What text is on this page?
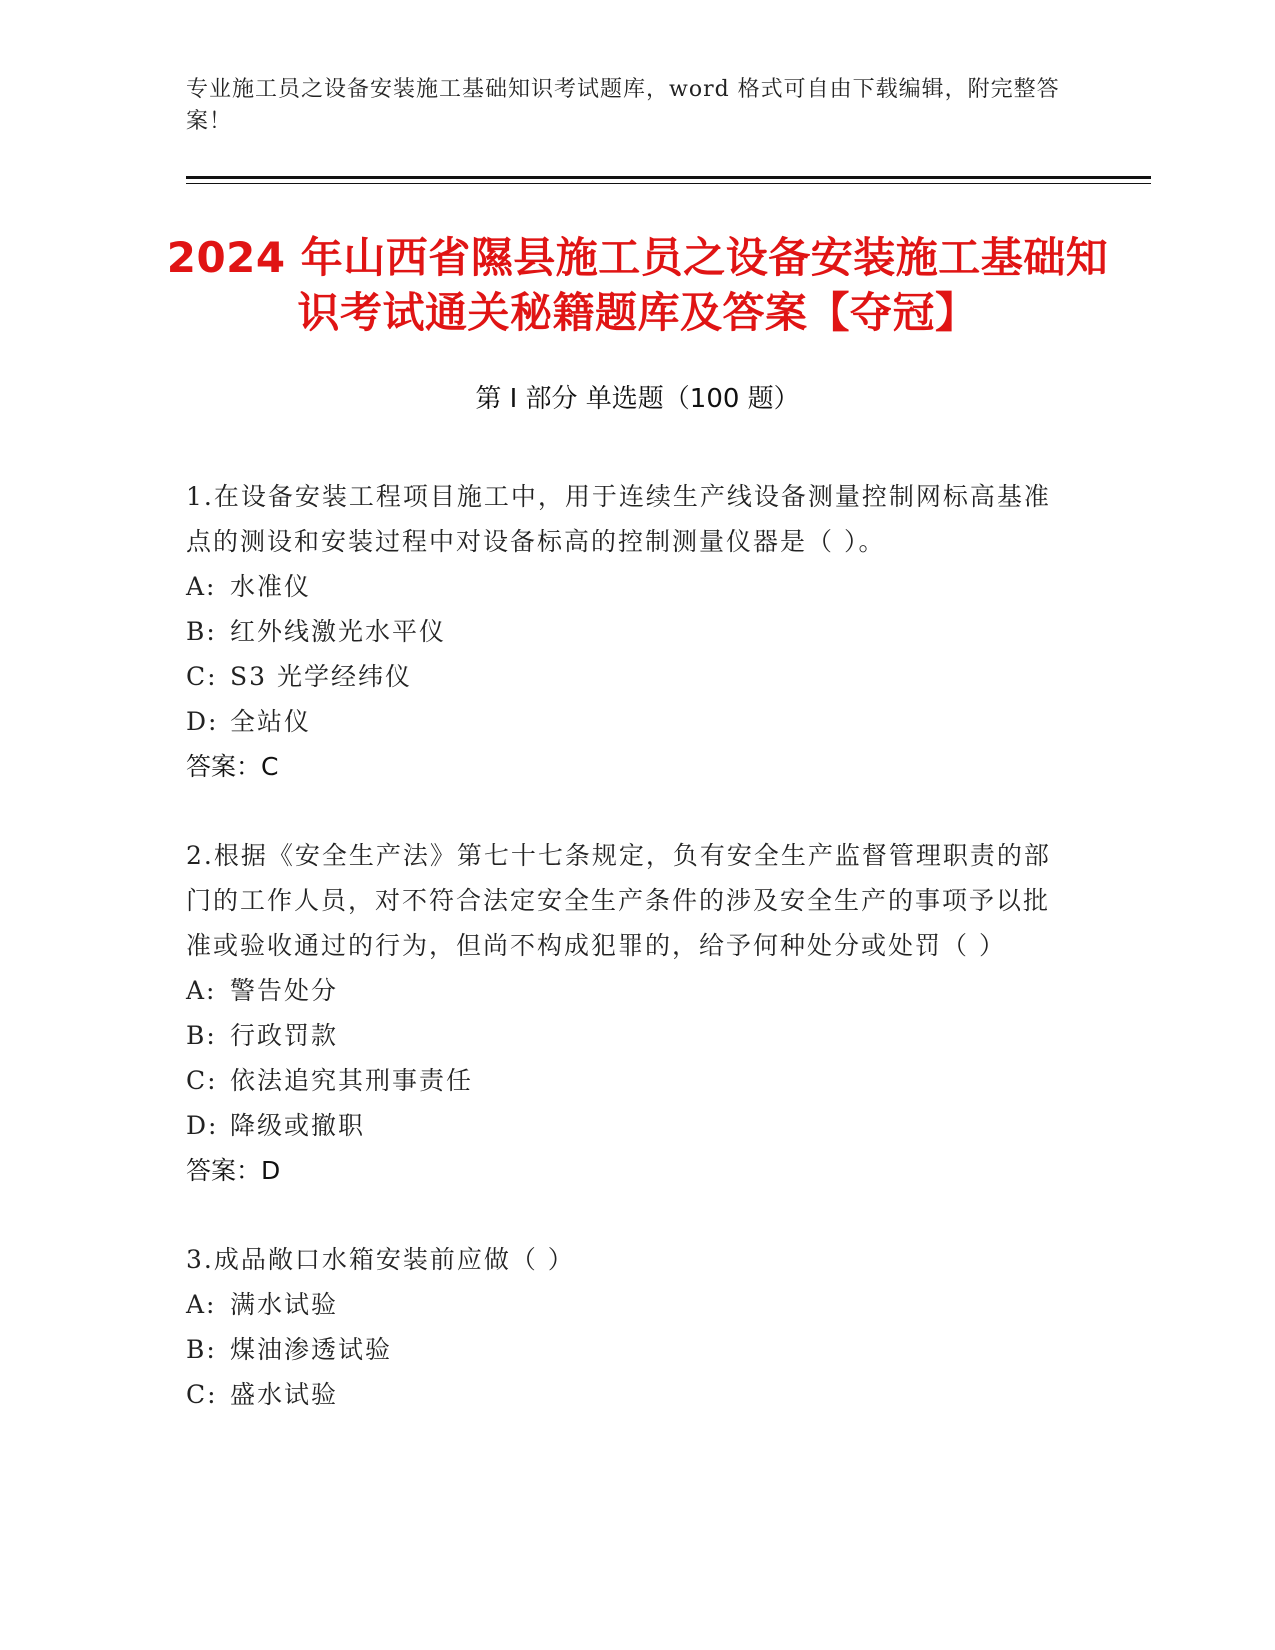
专业施工员之设备安装施工基础知识考试题库，word 格式可自由下载编辑，附完整答案！
2024 年山西省隰县施工员之设备安装施工基础知识考试通关秘籍题库及答案【夺冠】
第 I 部分 单选题（100 题）
1.在设备安装工程项目施工中，用于连续生产线设备测量控制网标高基准点的测设和安装过程中对设备标高的控制测量仪器是（ ）。
A: 水准仪
B: 红外线激光水平仪
C: S3 光学经纬仪
D: 全站仪
答案：C
2.根据《安全生产法》第七十七条规定，负有安全生产监督管理职责的部门的工作人员，对不符合法定安全生产条件的涉及安全生产的事项予以批准或验收通过的行为，但尚不构成犯罪的，给予何种处分或处罚（ ）
A: 警告处分
B: 行政罚款
C: 依法追究其刑事责任
D: 降级或撤职
答案：D
3.成品敞口水箱安装前应做（ ）
A: 满水试验
B: 煤油渗透试验
C: 盛水试验
